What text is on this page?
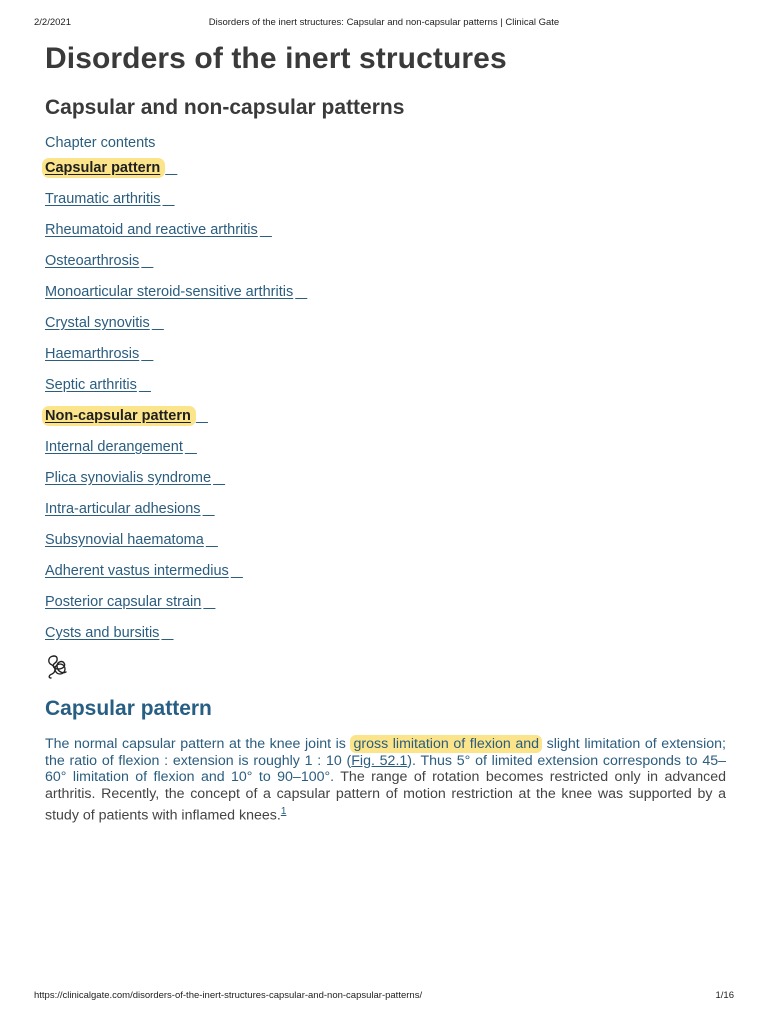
2/2/2021	Disorders of the inert structures: Capsular and non-capsular patterns | Clinical Gate
Disorders of the inert structures
Capsular and non-capsular patterns
Chapter contents
Capsular pattern
Traumatic arthritis
Rheumatoid and reactive arthritis
Osteoarthrosis
Monoarticular steroid-sensitive arthritis
Crystal synovitis
Haemarthrosis
Septic arthritis
Non-capsular pattern
Internal derangement
Plica synovialis syndrome
Intra-articular adhesions
Subsynovial haematoma
Adherent vastus intermedius
Posterior capsular strain
Cysts and bursitis
Capsular pattern

The normal capsular pattern at the knee joint is gross limitation of flexion and slight limitation of extension; the ratio of flexion : extension is roughly 1 : 10 (Fig. 52.1). Thus 5° of limited extension corresponds to 45–60° limitation of flexion and 10° to 90–100°. The range of rotation becomes restricted only in advanced arthritis. Recently, the concept of a capsular pattern of motion restriction at the knee was supported by a study of patients with inflamed knees.$^1$

https://clinicalgate.com/disorders-of-the-inert-structures-capsular-and-non-capsular-patterns/	1/16
